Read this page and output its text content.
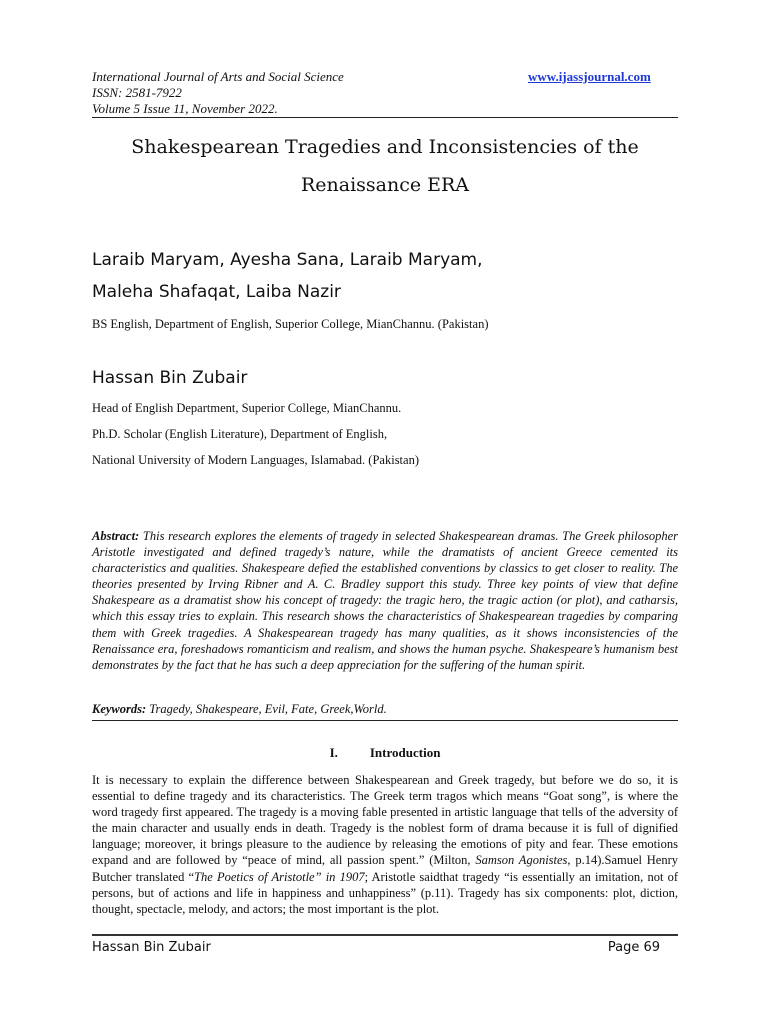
International Journal of Arts and Social Science
ISSN: 2581-7922
Volume 5 Issue 11, November 2022.
www.ijassjournal.com
Shakespearean Tragedies and Inconsistencies of the
Renaissance ERA
Laraib Maryam, Ayesha Sana, Laraib Maryam,
Maleha Shafaqat, Laiba Nazir
BS English, Department of English, Superior College, MianChannu. (Pakistan)
Hassan Bin Zubair
Head of English Department, Superior College, MianChannu.
Ph.D. Scholar (English Literature), Department of English,
National University of Modern Languages, Islamabad. (Pakistan)
Abstract: This research explores the elements of tragedy in selected Shakespearean dramas. The Greek philosopher Aristotle investigated and defined tragedy’s nature, while the dramatists of ancient Greece cemented its characteristics and qualities. Shakespeare defied the established conventions by classics to get closer to reality. The theories presented by Irving Ribner and A. C. Bradley support this study. Three key points of view that define Shakespeare as a dramatist show his concept of tragedy: the tragic hero, the tragic action (or plot), and catharsis, which this essay tries to explain. This research shows the characteristics of Shakespearean tragedies by comparing them with Greek tragedies. A Shakespearean tragedy has many qualities, as it shows inconsistencies of the Renaissance era, foreshadows romanticism and realism, and shows the human psyche. Shakespeare’s humanism best demonstrates by the fact that he has such a deep appreciation for the suffering of the human spirit.
Keywords: Tragedy, Shakespeare, Evil, Fate, Greek,World.
I. Introduction
It is necessary to explain the difference between Shakespearean and Greek tragedy, but before we do so, it is essential to define tragedy and its characteristics. The Greek term tragos which means “Goat song”, is where the word tragedy first appeared. The tragedy is a moving fable presented in artistic language that tells of the adversity of the main character and usually ends in death. Tragedy is the noblest form of drama because it is full of dignified language; moreover, it brings pleasure to the audience by releasing the emotions of pity and fear. These emotions expand and are followed by “peace of mind, all passion spent.” (Milton, Samson Agonistes, p.14).Samuel Henry Butcher translated “The Poetics of Aristotle” in 1907; Aristotle saidthat tragedy “is essentially an imitation, not of persons, but of actions and life in happiness and unhappiness” (p.11). Tragedy has six components: plot, diction, thought, spectacle, melody, and actors; the most important is the plot.
Hassan Bin Zubair	Page 69
